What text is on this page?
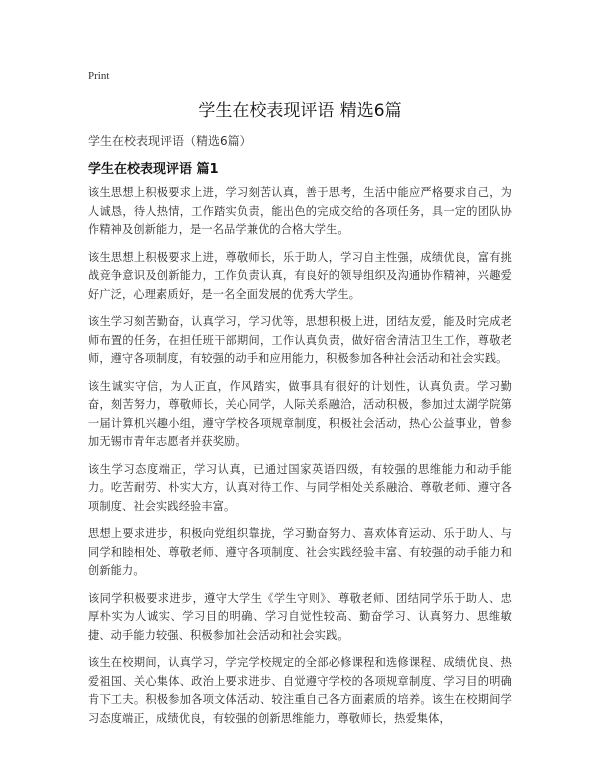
Print
学生在校表现评语 精选6篇
学生在校表现评语（精选6篇）
学生在校表现评语 篇1

该生思想上积极要求上进，学习刻苦认真，善于思考，生活中能应严格要求自己，为人诚恳，待人热情，工作踏实负责，能出色的完成交给的各项任务，具一定的团队协作精神及创新能力，是一名品学兼优的合格大学生。

该生思想上积极要求上进，尊敬师长，乐于助人，学习自主性强，成绩优良，富有挑战竞争意识及创新能力，工作负责认真，有良好的领导组织及沟通协作精神，兴趣爱好广泛，心理素质好，是一名全面发展的优秀大学生。

该生学习刻苦勤奋，认真学习，学习优等，思想积极上进，团结友爱，能及时完成老师布置的任务，在担任班干部期间，工作认真负责，做好宿舍清洁卫生工作，尊敬老师，遵守各项制度，有较强的动手和应用能力，积极参加各种社会活动和社会实践。

该生诚实守信，为人正直，作风踏实，做事具有很好的计划性，认真负责。学习勤奋，刻苦努力，尊敬师长，关心同学，人际关系融洽，活动积极，参加过太湖学院第一届计算机兴趣小组，遵守学校各项规章制度，积极社会活动，热心公益事业，曾参加无锡市青年志愿者并获奖励。

该生学习态度端正，学习认真，已通过国家英语四级，有较强的思维能力和动手能力。吃苦耐劳、朴实大方，认真对待工作、与同学相处关系融洽、尊敬老师、遵守各项制度、社会实践经验丰富。

思想上要求进步，积极向党组织靠拢，学习勤奋努力、喜欢体育运动、乐于助人、与同学和睦相处、尊敬老师、遵守各项制度、社会实践经验丰富、有较强的动手能力和创新能力。

该同学积极要求进步，遵守大学生《学生守则》、尊敬老师、团结同学乐于助人、忠厚朴实为人诚实、学习目的明确、学习自觉性较高、勤奋学习、认真努力、思维敏捷、动手能力较强、积极参加社会活动和社会实践。

该生在校期间，认真学习，学完学校规定的全部必修课程和选修课程、成绩优良、热爱祖国、关心集体、政治上要求进步、自觉遵守学校的各项规章制度、学习目的明确肯下工夫。积极参加各项文体活动、较注重自己各方面素质的培养。该生在校期间学习态度端正，成绩优良，有较强的创新思维能力，尊敬师长，热爱集体，
